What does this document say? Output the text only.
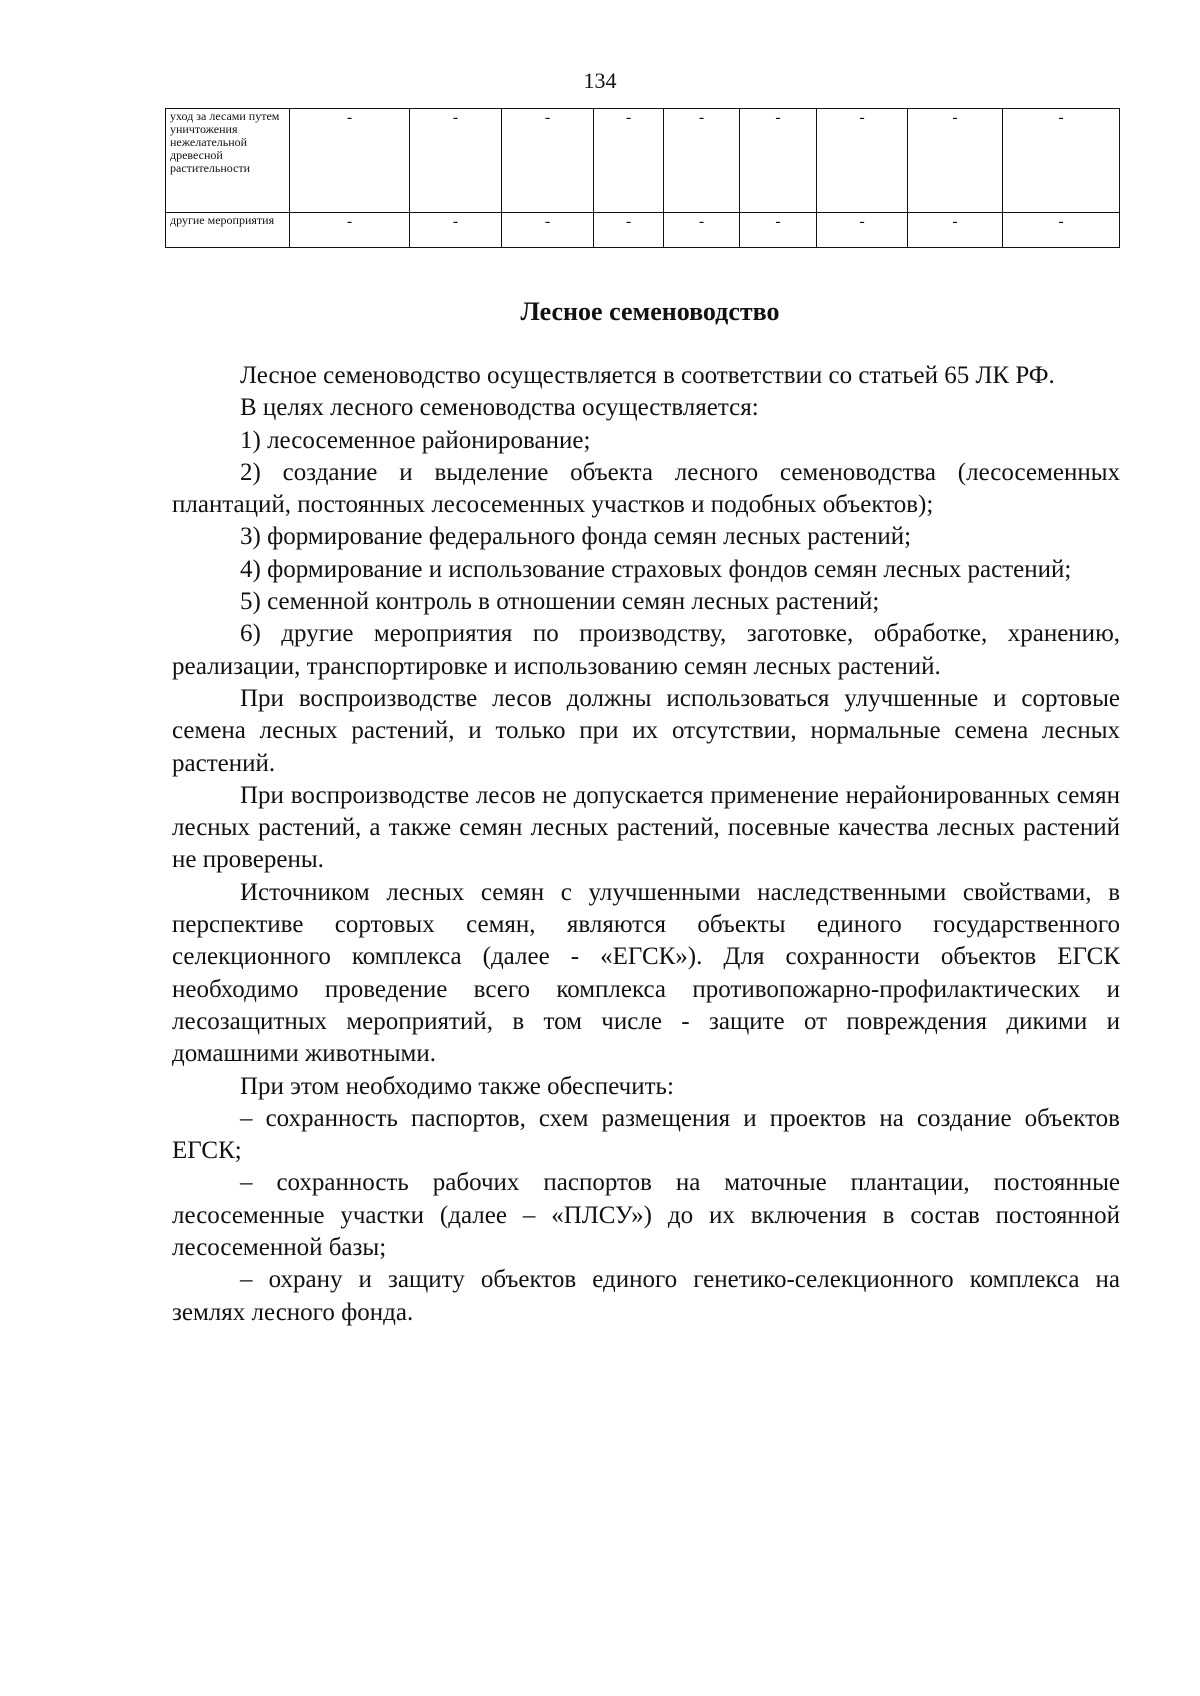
134
уход за лесами путем уничтожения нежелательной древесной растительности	-	-	-	-	-	-	-	-	-
другие мероприятия	-	-	-	-	-	-	-	-	-
Лесное семеноводство

Лесное семеноводство осуществляется в соответствии со статьей 65 ЛК РФ.

В целях лесного семеноводства осуществляется:

1) лесосеменное районирование;

2) создание и выделение объекта лесного семеноводства (лесосеменных плантаций, постоянных лесосеменных участков и подобных объектов);

3) формирование федерального фонда семян лесных растений;

4) формирование и использование страховых фондов семян лесных растений;

5) семенной контроль в отношении семян лесных растений;

6) другие мероприятия по производству, заготовке, обработке, хранению, реализации, транспортировке и использованию семян лесных растений.

При воспроизводстве лесов должны использоваться улучшенные и сортовые семена лесных растений, и только при их отсутствии, нормальные семена лесных растений.

При воспроизводстве лесов не допускается применение нерайонированных семян лесных растений, а также семян лесных растений, посевные качества лесных растений не проверены.

Источником лесных семян с улучшенными наследственными свойствами, в перспективе сортовых семян, являются объекты единого государственного селекционного комплекса (далее - «ЕГСК»). Для сохранности объектов ЕГСК необходимо проведение всего комплекса противопожарно-профилактических и лесозащитных мероприятий, в том числе - защите от повреждения дикими и домашними животными.

При этом необходимо также обеспечить:

– сохранность паспортов, схем размещения и проектов на создание объектов ЕГСК;

– сохранность рабочих паспортов на маточные плантации, постоянные лесосеменные участки (далее – «ПЛСУ») до их включения в состав постоянной лесосеменной базы;

– охрану и защиту объектов единого генетико-селекционного комплекса на землях лесного фонда.
